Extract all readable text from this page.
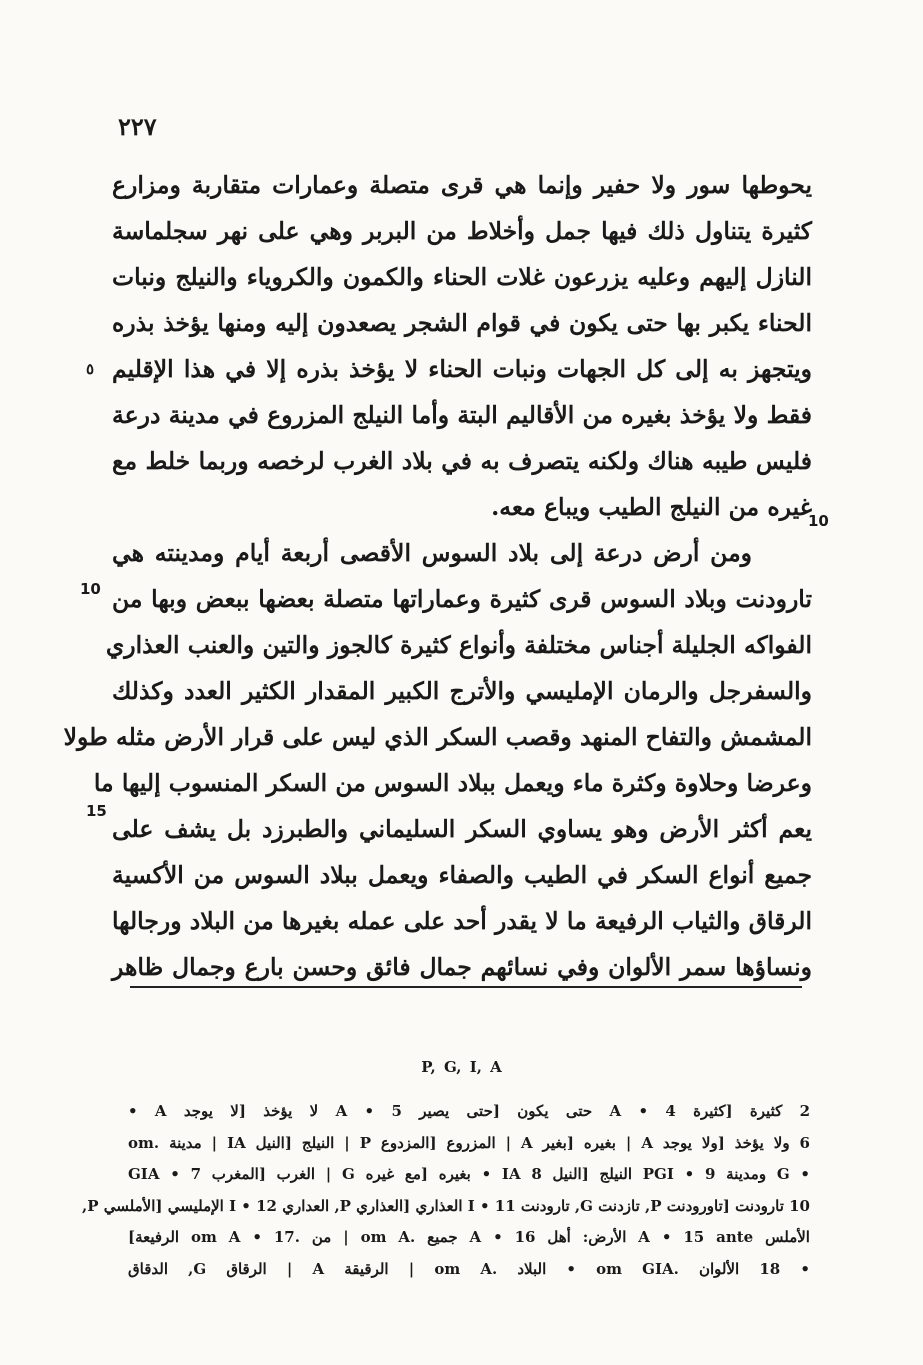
٢٢٧
يحوطها سور ولا حفير وإنما هي قرى متصلة وعمارات متقاربة ومزارع
كثيرة يتناول ذلك فيها جمل وأخلاط من البربر وهي على نهر سجلماسة
النازل إليهم وعليه يزرعون غلات الحناء والكمون والكروياء والنيلج ونبات
الحناء يكبر بها حتى يكون في قوام الشجر يصعدون إليه ومنها يؤخذ بذره
ويتجهز به إلى كل الجهات ونبات الحناء لا يؤخذ بذره إلا في هذا الإقليم
فقط ولا يؤخذ بغيره من الأقاليم البتة وأما النيلج المزروع في مدينة درعة
فليس طيبه هناك ولكنه يتصرف به في بلاد الغرب لرخصه وربما خلط مع
غيره من النيلج الطيب ويباع معه.
ومن أرض درعة إلى بلاد السوس الأقصى أربعة أيام ومدينته هي
تارودنت وبلاد السوس قرى كثيرة وعماراتها متصلة بعضها ببعض وبها من
الفواكه الجليلة أجناس مختلفة وأنواع كثيرة كالجوز والتين والعنب العذاري
والسفرجل والرمان الإمليسي والأترج الكبير المقدار الكثير العدد وكذلك
المشمش والتفاح المنهد وقصب السكر الذي ليس على قرار الأرض مثله طولا
وعرضا وحلاوة وكثرة ماء ويعمل ببلاد السوس من السكر المنسوب إليها ما
يعم أكثر الأرض وهو يساوي السكر السليماني والطبرزد بل يشف على
جميع أنواع السكر في الطيب والصفاء ويعمل ببلاد السوس من الأكسية
الرقاق والثياب الرفيعة ما لا يقدر أحد على عمله بغيرها من البلاد ورجالها
ونساؤها سمر الألوان وفي نسائهم جمال فائق وحسن بارع وجمال ظاهر
٥
10
10
15
P, G, I, A
2 كثيرة [كثيرة A • 4 حتى يكون [حتى يصير A • 5 لا يؤخذ [لا يوجد A •
6 ولا يؤخذ [ولا يوجد A | بغيره [بغير A | المزروع [المزدوع P | النيلج [النيل IA | مدينة .om
• G ومدينة 9 • PGI النيلج [النيل IA 8 • بغيره [مع غيره G | الغرب [المغرب 7 • GIA
10 تارودنت [تاورودنت P, تازدنت G, تارودنت I • 11 العذاري [العذاري P, العداري I • 12 الإمليسي [الأملسي P,
الأملس A • 15 ante الأرض: أهل A • 16 جميع .om A | من .om A • 17 الرفيعة]
• 18 الألوان .om GIA • البلاد .om A | الرقيقة A | الرقاق G, الدقاق
